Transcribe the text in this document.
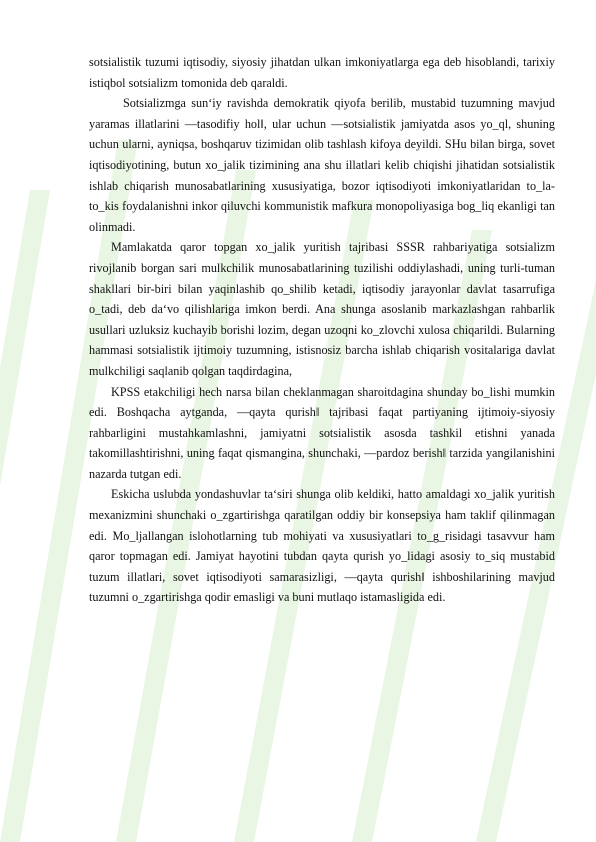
sotsialistik tuzumi iqtisodiy, siyosiy jihatdan ulkan imkoniyatlarga ega deb hisoblandi, tarixiy istiqbol sotsializm tomonida deb qaraldi.

Sotsializmga sun‘iy ravishda demokratik qiyofa berilib, mustabid tuzumning mavjud yaramas illatlarini ―tasodifiy hol‖, ular uchun ―sotsialistik jamiyatda asos yo_ql, shuning uchun ularni, ayniqsa, boshqaruv tizimidan olib tashlash kifoya deyildi. SHu bilan birga, sovet iqtisodiyotining, butun xo_jalik tizimining ana shu illatlari kelib chiqishi jihatidan sotsialistik ishlab chiqarish munosabatlarining xususiyatiga, bozor iqtisodiyoti imkoniyatlaridan to_la-to_kis foydalanishni inkor qiluvchi kommunistik mafkura monopoliyasiga bog_liq ekanligi tan olinmadi.

Mamlakatda qaror topgan xo_jalik yuritish tajribasi SSSR rahbariyatiga sotsializm rivojlanib borgan sari mulkchilik munosabatlarining tuzilishi oddiylashadi, uning turli-tuman shakllari bir-biri bilan yaqinlashib qo_shilib ketadi, iqtisodiy jarayonlar davlat tasarrufiga o_tadi, deb da‘vo qilishlariga imkon berdi. Ana shunga asoslanib markazlashgan rahbarlik usullari uzluksiz kuchayib borishi lozim, degan uzoqni ko_zlovchi xulosa chiqarildi. Bularning hammasi sotsialistik ijtimoiy tuzumning, istisnosiz barcha ishlab chiqarish vositalariga davlat mulkchiligi saqlanib qolgan taqdirdagina,

KPSS etakchiligi hech narsa bilan cheklanmagan sharoitdagina shunday bo_lishi mumkin edi. Boshqacha aytganda, ―qayta qurish‖ tajribasi faqat partiyaning ijtimoiy-siyosiy rahbarligini mustahkamlashni, jamiyatni sotsialistik asosda tashkil etishni yanada takomillashtirishni, uning faqat qismangina, shunchaki, ―pardoz berish‖ tarzida yangilanishini nazarda tutgan edi.

Eskicha uslubda yondashuvlar ta‘siri shunga olib keldiki, hatto amaldagi xo_jalik yuritish mexanizmini shunchaki o_zgartirishga qaratilgan oddiy bir konsepsiya ham taklif qilinmagan edi. Mo_ljallangan islohotlarning tub mohiyati va xususiyatlari to_g_risidagi tasavvur ham qaror topmagan edi. Jamiyat hayotini tubdan qayta qurish yo_lidagi asosiy to_siq mustabid tuzum illatlari, sovet iqtisodiyoti samarasizligi, ―qayta qurish‖ ishboshilarining mavjud tuzumni o_zgartirishga qodir emasligi va buni mutlaqo istamasligida edi.
